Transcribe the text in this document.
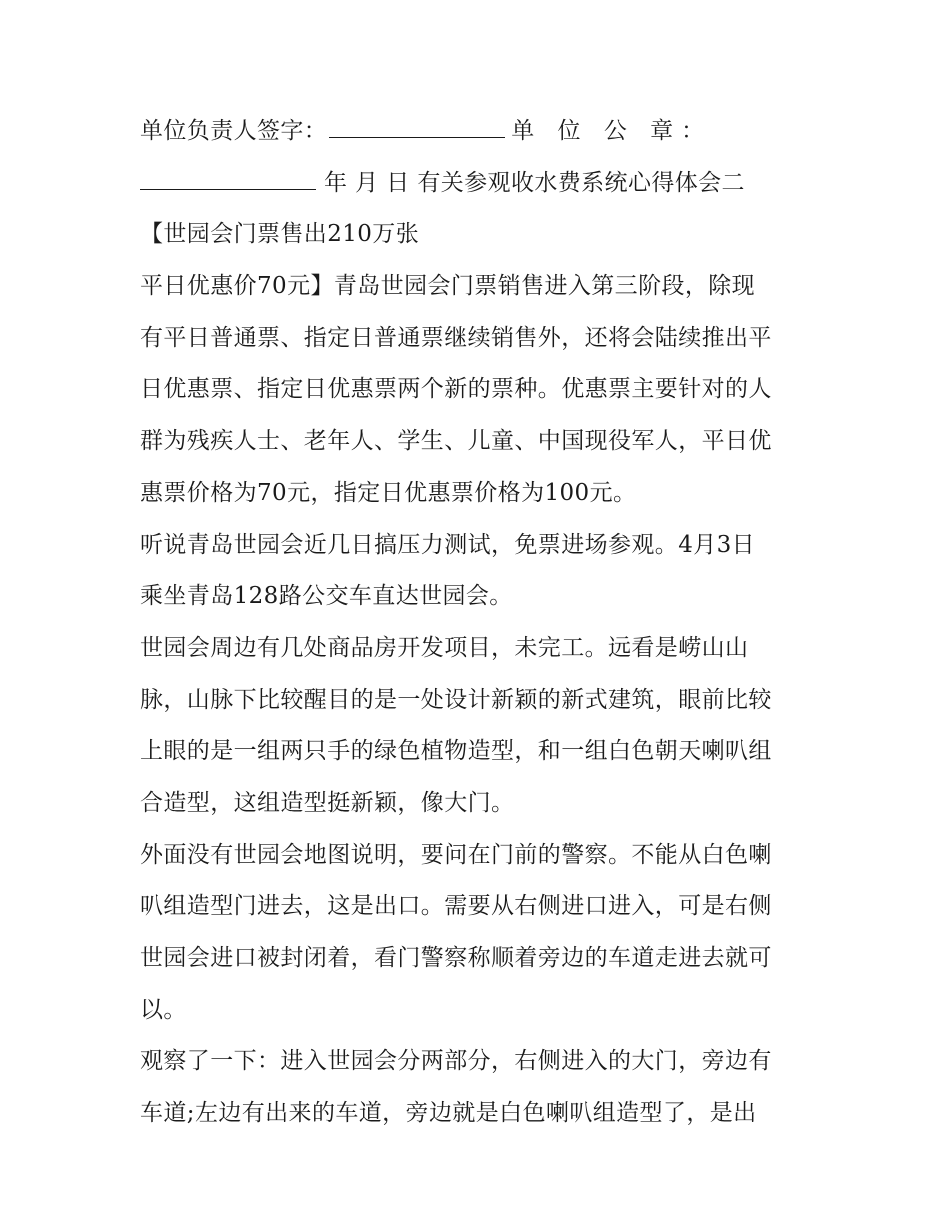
单位负责人签字：	单 位 公 章：
年 月 日 有关参观收水费系统心得体会二
【世园会门票售出210万张
平日优惠价70元】青岛世园会门票销售进入第三阶段，除现
有平日普通票、指定日普通票继续销售外，还将会陆续推出平
日优惠票、指定日优惠票两个新的票种。优惠票主要针对的人
群为残疾人士、老年人、学生、儿童、中国现役军人，平日优
惠票价格为70元，指定日优惠票价格为100元。
听说青岛世园会近几日搞压力测试，免票进场参观。4月3日
乘坐青岛128路公交车直达世园会。
世园会周边有几处商品房开发项目，未完工。远看是崂山山
脉，山脉下比较醒目的是一处设计新颖的新式建筑，眼前比较
上眼的是一组两只手的绿色植物造型，和一组白色朝天喇叭组
合造型，这组造型挺新颖，像大门。
外面没有世园会地图说明，要问在门前的警察。不能从白色喇
叭组造型门进去，这是出口。需要从右侧进口进入，可是右侧
世园会进口被封闭着，看门警察称顺着旁边的车道走进去就可
以。
观察了一下：进入世园会分两部分，右侧进入的大门，旁边有
车道;左边有出来的车道，旁边就是白色喇叭组造型了，是出
